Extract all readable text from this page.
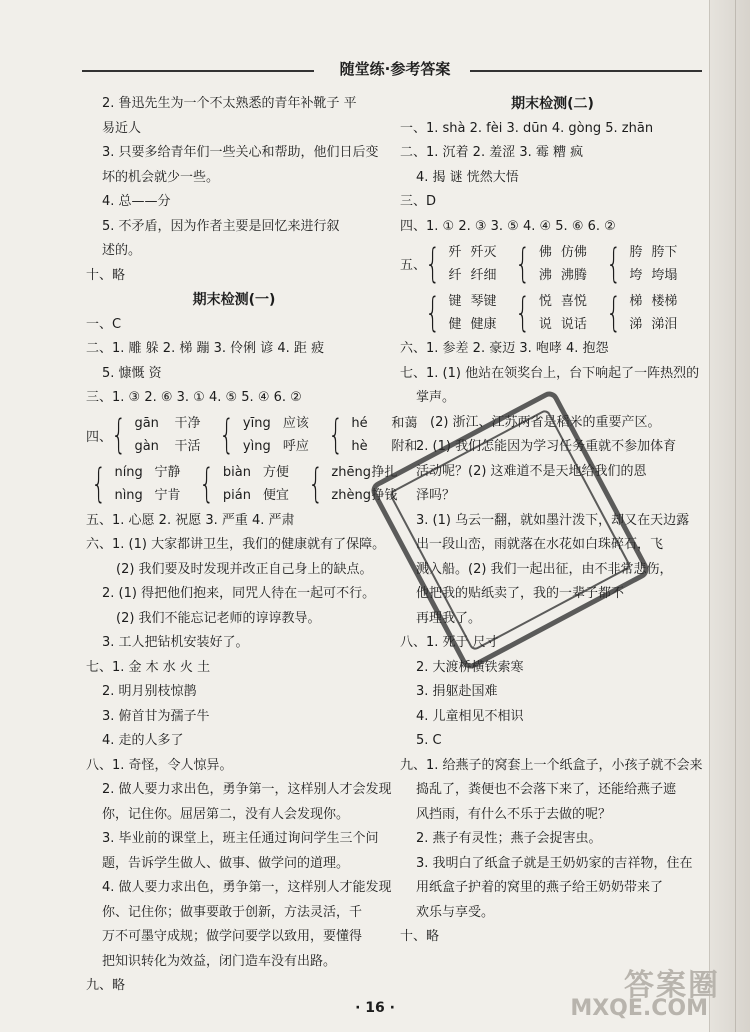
随堂练·参考答案
2. 鲁迅先生为一个不太熟悉的青年补靴子 平
易近人
3. 只要多给青年们一些关心和帮助，他们日后变
坏的机会就少一些。
4. 总——分
5. 不矛盾，因为作者主要是回忆来进行叙
述的。
十、略
期末检测(一)
一、C
二、1. 雕 躲 2. 梯 蹦 3. 伶俐 谚 4. 距 疲
5. 慷慨 资
三、1. ③ 2. ⑥ 3. ① 4. ⑤ 5. ④ 6. ②
四、 { gān 干净
gàn 干活 { yīng 应该
yìng 呼应 { hé 和蔼
hè 附和
{ níng 宁静
nìng 宁肯 { biàn 方便
pián 便宜 { zhēng挣扎
zhèng挣钱
五、1. 心愿 2. 祝愿 3. 严重 4. 严肃
六、1. (1) 大家都讲卫生，我们的健康就有了保障。
(2) 我们要及时发现并改正自己身上的缺点。
2. (1) 得把他们抱来，同咒人待在一起可不行。
(2) 我们不能忘记老师的谆谆教导。
3. 工人把钻机安装好了。
七、1. 金 木 水 火 土
2. 明月别枝惊鹊
3. 俯首甘为孺子牛
4. 走的人多了
八、1. 奇怪，令人惊异。
2. 做人要力求出色，勇争第一，这样别人才会发现
你，记住你。屈居第二，没有人会发现你。
3. 毕业前的课堂上，班主任通过询问学生三个问
题，告诉学生做人、做事、做学问的道理。
4. 做人要力求出色，勇争第一，这样别人才能发现
你、记住你；做事要敢于创新，方法灵活，千
万不可墨守成规；做学问要学以致用，要懂得
把知识转化为效益，闭门造车没有出路。
九、略
期末检测(二)
一、1. shà 2. fèi 3. dūn 4. gòng 5. zhān
二、1. 沉着 2. 羞涩 3. 霉 糟 疯
4. 揭 谜 恍然大悟
三、D
四、1. ① 2. ③ 3. ⑤ 4. ④ 5. ⑥ 6. ②
五、 { 歼 歼灭
纤 纤细 { 佛 仿佛
沸 沸腾 { 胯 胯下
垮 垮塌
{ 键 琴键
健 健康 { 悦 喜悦
说 说话 { 梯 楼梯
涕 涕泪
六、1. 参差 2. 豪迈 3. 咆哮 4. 抱怨
七、1. (1) 他站在领奖台上，台下响起了一阵热烈的
掌声。
(2) 浙江、江苏两省是稻米的重要产区。
2. (1) 我们怎能因为学习任务重就不参加体育
活动呢？(2) 这难道不是天地给我们的恩
泽吗？
3. (1) 乌云一翻，就如墨汁泼下，却又在天边露
出一段山峦，雨就落在水花如白珠碎石，飞
溅入船。(2) 我们一起出征，由不非常悲伤，
他把我的贴纸卖了，我的一辈子都不
再理我了。
八、1. 死于 尺寸
2. 大渡桥横铁索寒
3. 捐躯赴国难
4. 儿童相见不相识
5. C
九、1. 给燕子的窝套上一个纸盒子，小孩子就不会来
捣乱了，粪便也不会落下来了，还能给燕子遮
风挡雨，有什么不乐于去做的呢？
2. 燕子有灵性；燕子会捉害虫。
3. 我明白了纸盒子就是王奶奶家的吉祥物，住在
用纸盒子护着的窝里的燕子给王奶奶带来了
欢乐与享受。
十、略
· 16 ·
答案圈
MXQE.COM
